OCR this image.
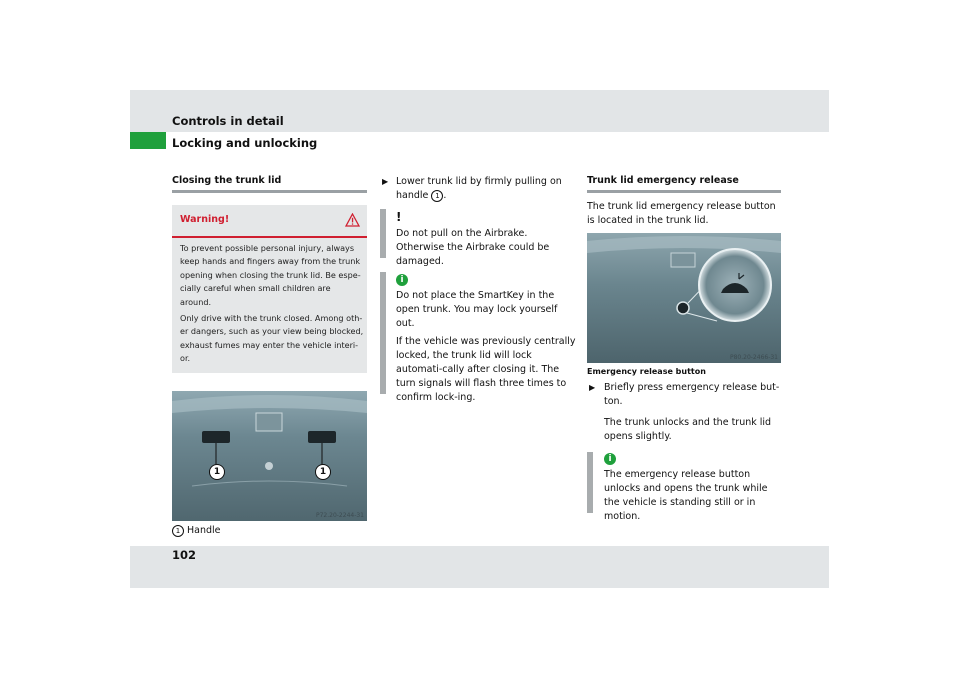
Controls in detail
Locking and unlocking
Closing the trunk lid
Warning!

To prevent possible personal injury, always keep hands and fingers away from the trunk opening when closing the trunk lid. Be espe-cially careful when small children are around.

Only drive with the trunk closed. Among oth-er dangers, such as your view being blocked, exhaust fumes may enter the vehicle interi-or.

1	1
P72.20-2244-31
1 Handle
▶ Lower trunk lid by firmly pulling on handle 1 .
!
Do not pull on the Airbrake. Otherwise the Airbrake could be damaged.
i
Do not place the SmartKey in the open trunk. You may lock yourself out.
If the vehicle was previously centrally locked, the trunk lid will lock automati-cally after closing it. The turn signals will flash three times to confirm lock-ing.
Trunk lid emergency release
The trunk lid emergency release button is located in the trunk lid.
P80.20-2466-31
Emergency release button
▶ Briefly press emergency release but-ton.
The trunk unlocks and the trunk lid opens slightly.
i
The emergency release button unlocks and opens the trunk while the vehicle is standing still or in motion.
102
